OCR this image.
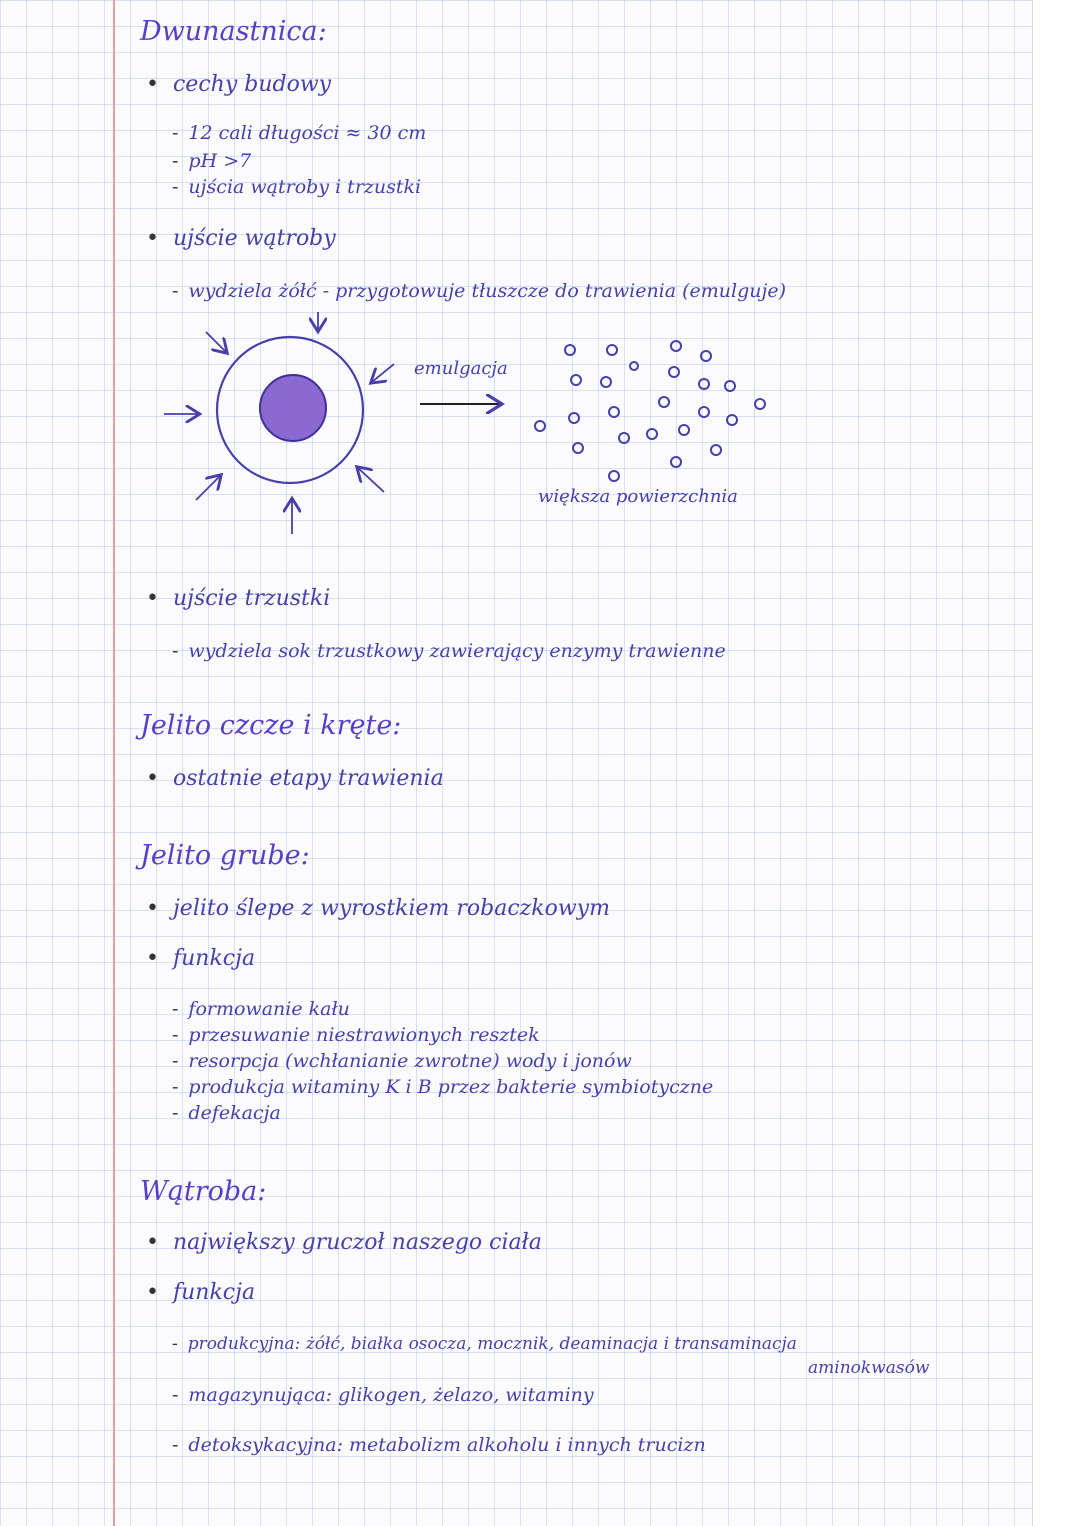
Dwunastnica:
• cechy budowy
- 12 cali długości ≈ 30 cm
- pH >7
- ujścia wątroby i trzustki
• ujście wątroby
- wydziela żółć - przygotowuje tłuszcze do trawienia (emulguje)
emulgacja
większa powierzchnia
• ujście trzustki
- wydziela sok trzustkowy zawierający enzymy trawienne
Jelito czcze i kręte:
• ostatnie etapy trawienia
Jelito grube:
• jelito ślepe z wyrostkiem robaczkowym
• funkcja
- formowanie kału
- przesuwanie niestrawionych resztek
- resorpcja (wchłanianie zwrotne) wody i jonów
- produkcja witaminy K i B przez bakterie symbiotyczne
- defekacja
Wątroba:
• największy gruczoł naszego ciała
• funkcja
- produkcyjna: żółć, białka osocza, mocznik, deaminacja i transaminacja
aminokwasów
- magazynująca: glikogen, żelazo, witaminy
- detoksykacyjna: metabolizm alkoholu i innych trucizn
